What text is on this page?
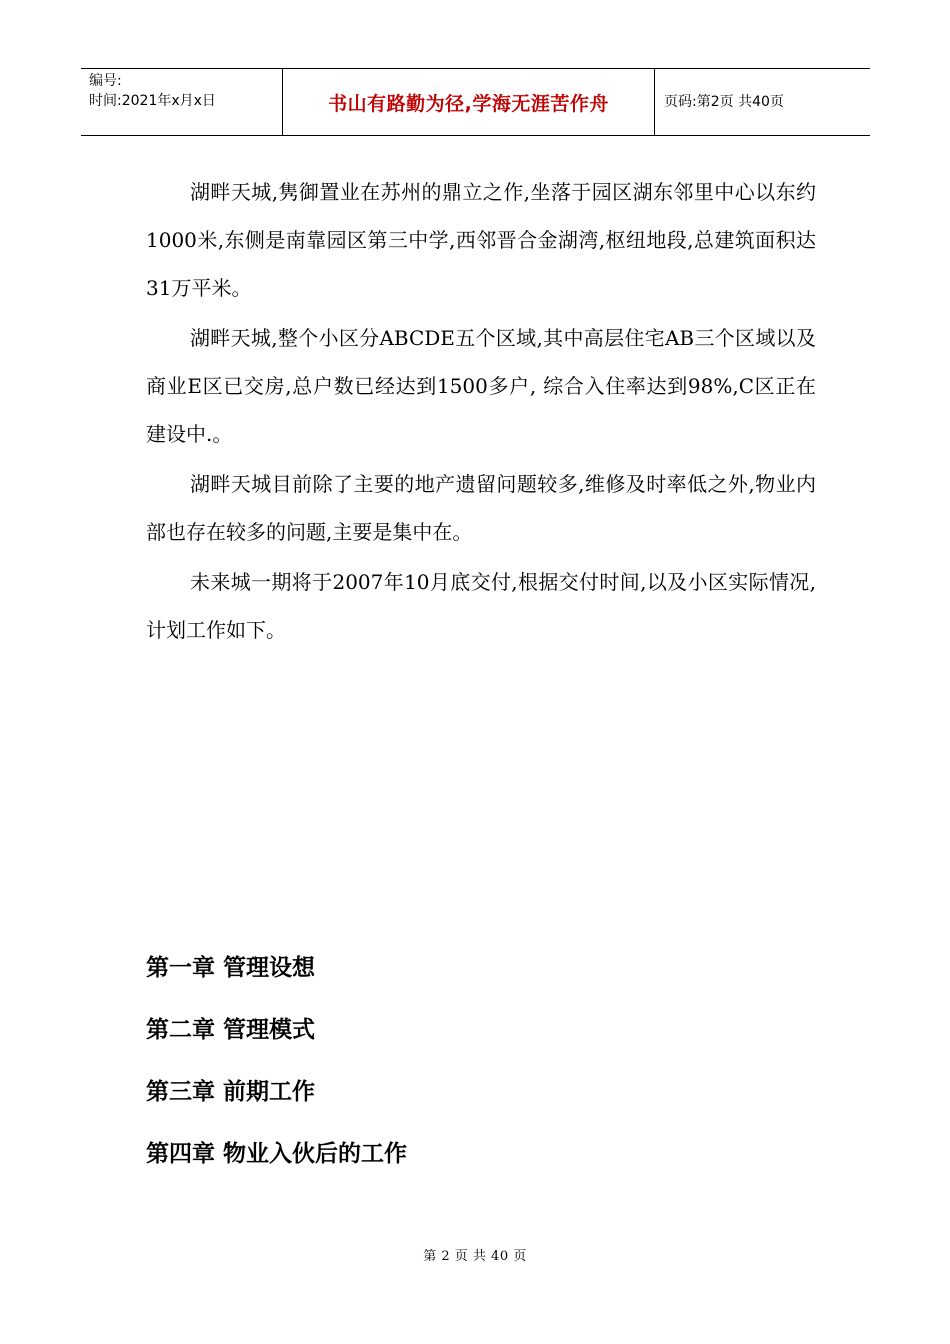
编号:
时间:2021年x月x日	书山有路勤为径,学海无涯苦作舟	页码:第2页 共40页

湖畔天城,隽御置业在苏州的鼎立之作,坐落于园区湖东邻里中心以东约1000米,东侧是南靠园区第三中学,西邻晋合金湖湾,枢纽地段,总建筑面积达31万平米。

湖畔天城,整个小区分ABCDE五个区域,其中高层住宅AB三个区域以及商业E区已交房,总户数已经达到1500多户, 综合入住率达到98%,C区正在建设中.。

湖畔天城目前除了主要的地产遗留问题较多,维修及时率低之外,物业内部也存在较多的问题,主要是集中在。

未来城一期将于2007年10月底交付,根据交付时间,以及小区实际情况,计划工作如下。

第一章 管理设想
第二章 管理模式
第三章 前期工作
第四章 物业入伙后的工作
第 2 页 共 40 页
